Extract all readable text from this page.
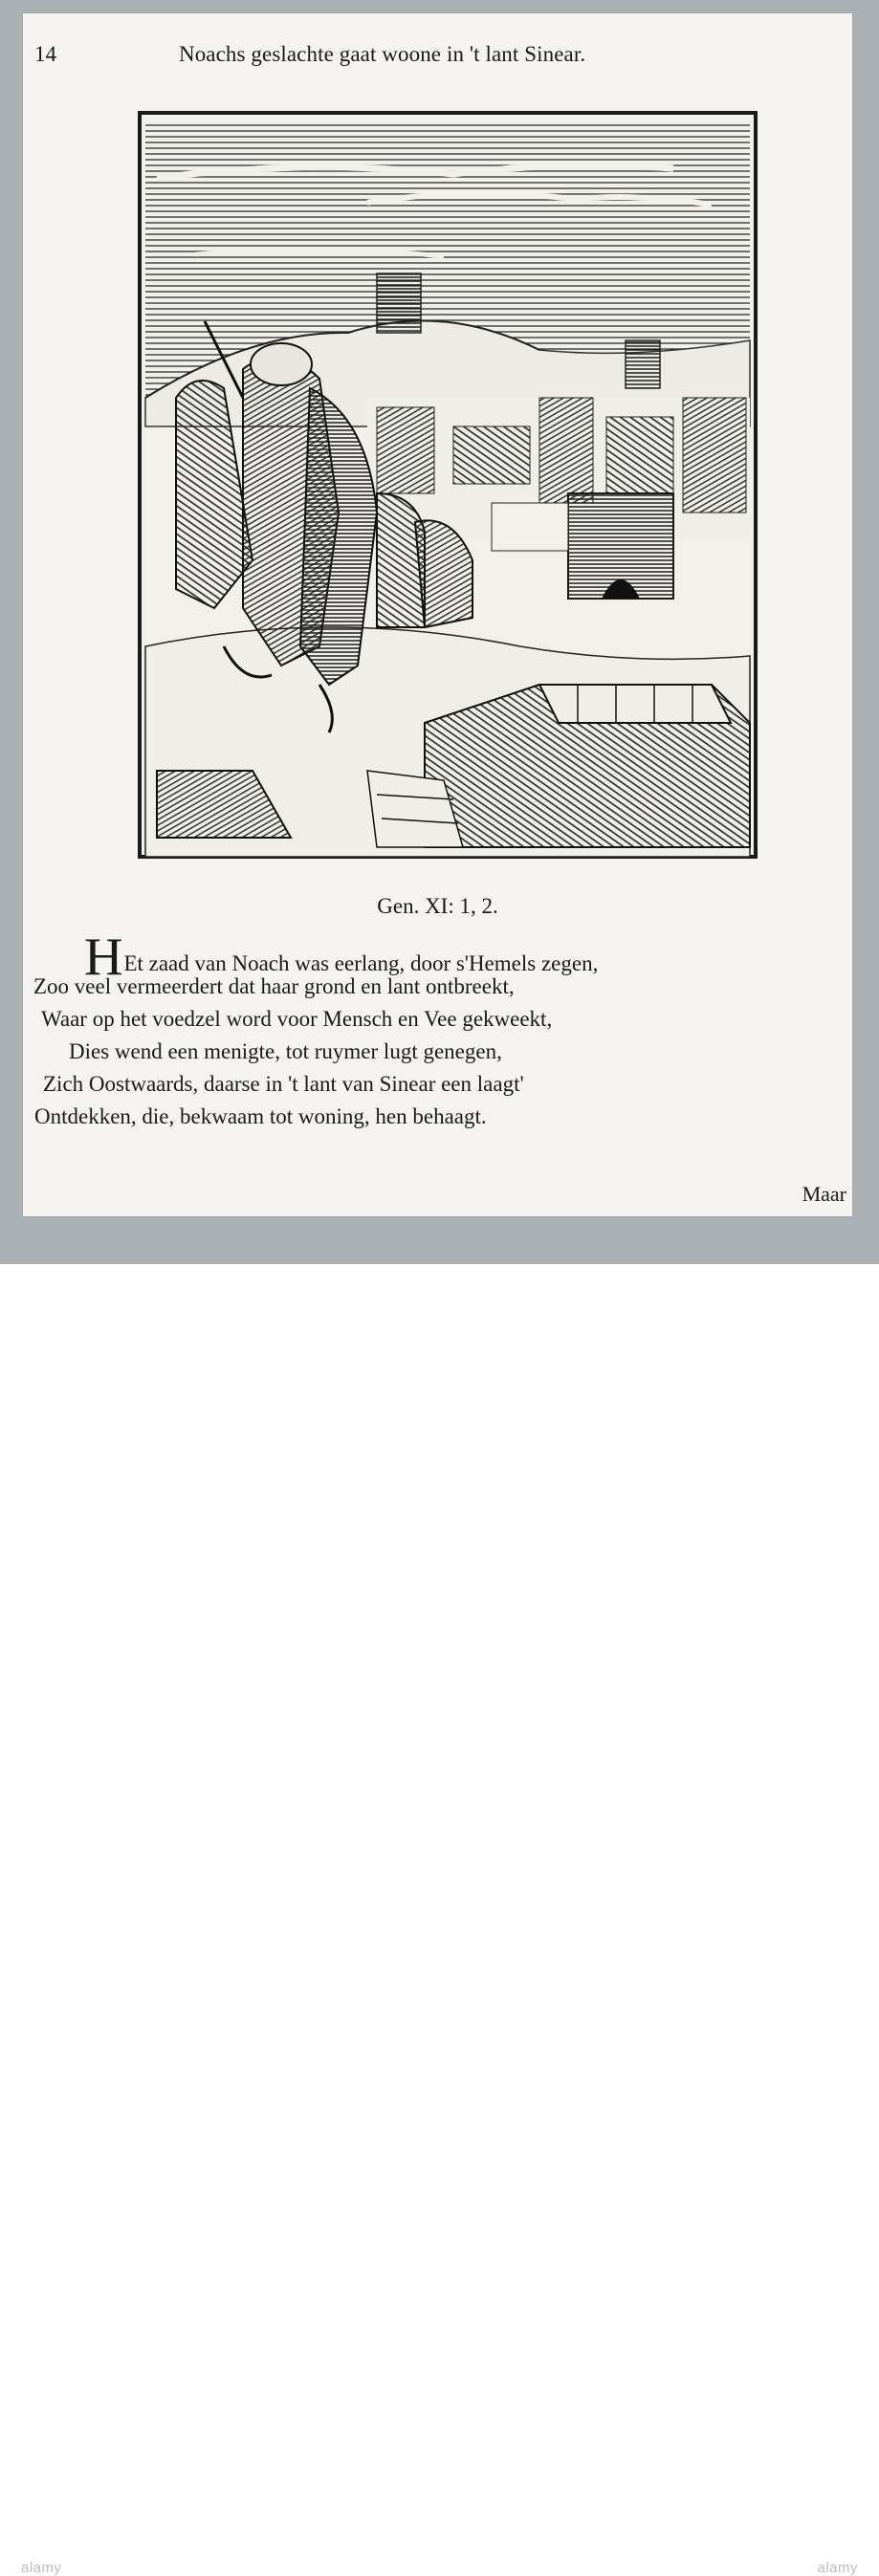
14	Noachs geslachte gaat woone in 't lant Sinear.
Gen. XI: 1, 2.
HEt zaad van Noach was eerlang, door s'Hemels zegen,
Zoo veel vermeerdert dat haar grond en lant ontbreekt,
Waar op het voedzel word voor Mensch en Vee gekweekt,
Dies wend een menigte, tot ruymer lugt genegen,
Zich Oostwaards, daarse in 't lant van Sinear een laagt'
Ontdekken, die, bekwaam tot woning, hen behaagt.
Maar
alamy	alamy
